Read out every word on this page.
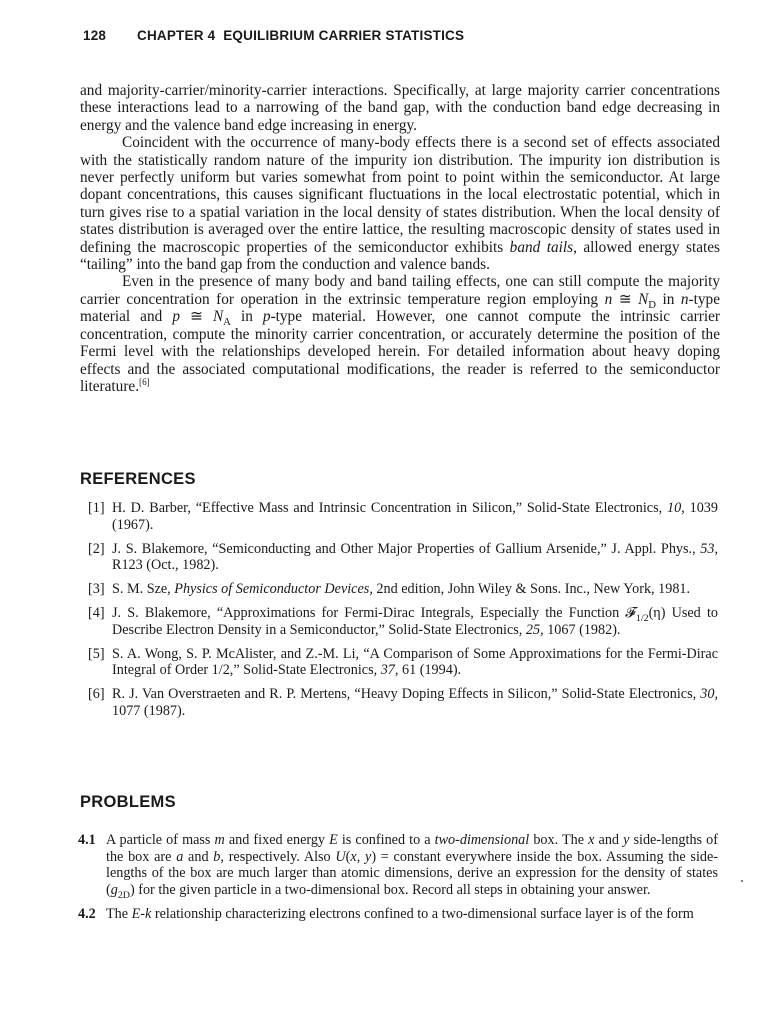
128 CHAPTER 4  EQUILIBRIUM CARRIER STATISTICS

and majority-carrier/minority-carrier interactions. Specifically, at large majority carrier concentrations these interactions lead to a narrowing of the band gap, with the conduction band edge decreasing in energy and the valence band edge increasing in energy.

Coincident with the occurrence of many-body effects there is a second set of effects associated with the statistically random nature of the impurity ion distribution. The impurity ion distribution is never perfectly uniform but varies somewhat from point to point within the semiconductor. At large dopant concentrations, this causes significant fluctuations in the local electrostatic potential, which in turn gives rise to a spatial variation in the local density of states distribution. When the local density of states distribution is averaged over the entire lattice, the resulting macroscopic density of states used in defining the macroscopic properties of the semiconductor exhibits band tails, allowed energy states “tailing” into the band gap from the conduction and valence bands.

Even in the presence of many body and band tailing effects, one can still compute the majority carrier concentration for operation in the extrinsic temperature region employing n ≅ $N_D$ in n-type material and p ≅ $N_A$ in p-type material. However, one cannot compute the intrinsic carrier concentration, compute the minority carrier concentration, or accurately determine the position of the Fermi level with the relationships developed herein. For detailed information about heavy doping effects and the associated computational modifications, the reader is referred to the semiconductor literature.[6]

REFERENCES
[1] H. D. Barber, “Effective Mass and Intrinsic Concentration in Silicon,” Solid-State Electronics, 10, 1039 (1967).
[2] J. S. Blakemore, “Semiconducting and Other Major Properties of Gallium Arsenide,” J. Appl. Phys., 53, R123 (Oct., 1982).
[3] S. M. Sze, Physics of Semiconductor Devices, 2nd edition, John Wiley & Sons. Inc., New York, 1981.
[4] J. S. Blakemore, “Approximations for Fermi-Dirac Integrals, Especially the Function 𝓕$_{1/2}$(η) Used to Describe Electron Density in a Semiconductor,” Solid-State Electronics, 25, 1067 (1982).
[5] S. A. Wong, S. P. McAlister, and Z.-M. Li, “A Comparison of Some Approximations for the Fermi-Dirac Integral of Order 1/2,” Solid-State Electronics, 37, 61 (1994).
[6] R. J. Van Overstraeten and R. P. Mertens, “Heavy Doping Effects in Silicon,” Solid-State Electronics, 30, 1077 (1987).
PROBLEMS
4.1 A particle of mass m and fixed energy E is confined to a two-dimensional box. The x and y side-lengths of the box are a and b, respectively. Also U(x, y) = constant everywhere inside the box. Assuming the side-lengths of the box are much larger than atomic dimensions, derive an expression for the density of states $(g_{2D})$ for the given particle in a two-dimensional box. Record all steps in obtaining your answer.
4.2 The E-k relationship characterizing electrons confined to a two-dimensional surface layer is of the form
